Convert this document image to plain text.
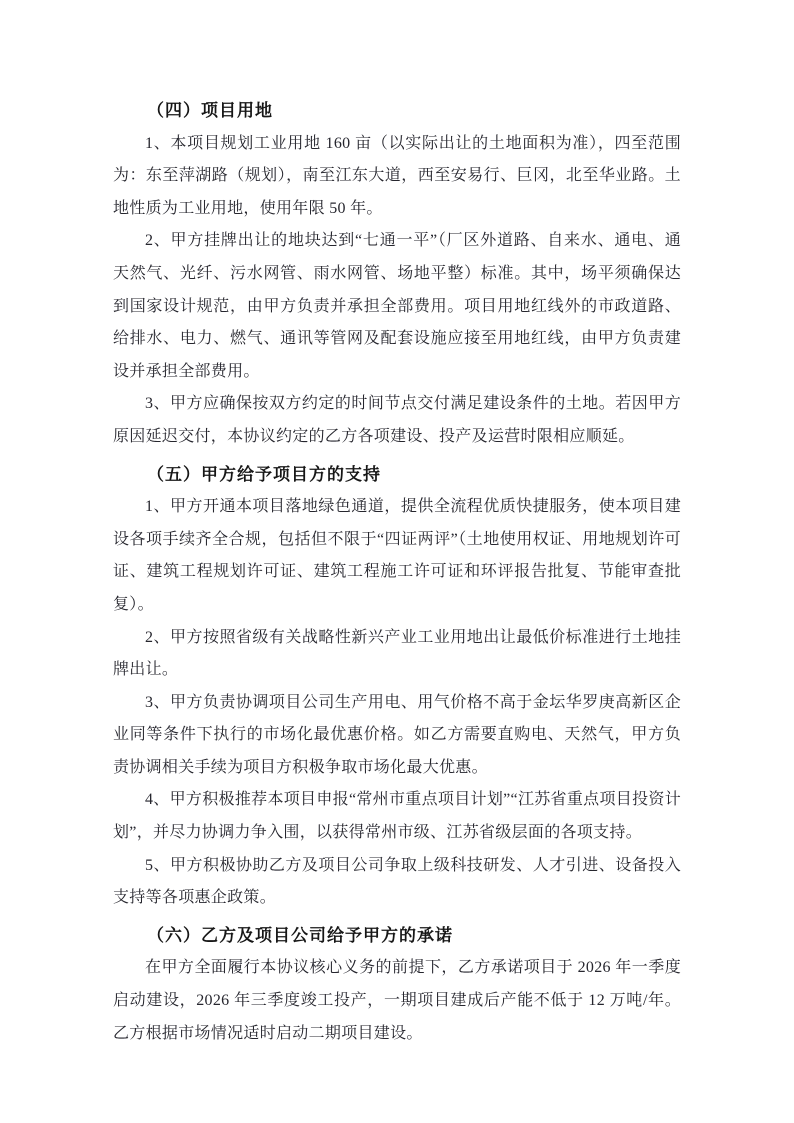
（四）项目用地

1、本项目规划工业用地 160 亩（以实际出让的土地面积为准），四至范围为：东至萍湖路（规划），南至江东大道，西至安易行、巨冈，北至华业路。土地性质为工业用地，使用年限 50 年。

2、甲方挂牌出让的地块达到“七通一平”（厂区外道路、自来水、通电、通天然气、光纤、污水网管、雨水网管、场地平整）标准。其中，场平须确保达到国家设计规范，由甲方负责并承担全部费用。项目用地红线外的市政道路、给排水、电力、燃气、通讯等管网及配套设施应接至用地红线，由甲方负责建设并承担全部费用。

3、甲方应确保按双方约定的时间节点交付满足建设条件的土地。若因甲方原因延迟交付，本协议约定的乙方各项建设、投产及运营时限相应顺延。

（五）甲方给予项目方的支持

1、甲方开通本项目落地绿色通道，提供全流程优质快捷服务，使本项目建设各项手续齐全合规，包括但不限于“四证两评”（土地使用权证、用地规划许可证、建筑工程规划许可证、建筑工程施工许可证和环评报告批复、节能审查批复）。

2、甲方按照省级有关战略性新兴产业工业用地出让最低价标准进行土地挂牌出让。

3、甲方负责协调项目公司生产用电、用气价格不高于金坛华罗庚高新区企业同等条件下执行的市场化最优惠价格。如乙方需要直购电、天然气，甲方负责协调相关手续为项目方积极争取市场化最大优惠。

4、甲方积极推荐本项目申报“常州市重点项目计划”“江苏省重点项目投资计划”，并尽力协调力争入围，以获得常州市级、江苏省级层面的各项支持。

5、甲方积极协助乙方及项目公司争取上级科技研发、人才引进、设备投入支持等各项惠企政策。

（六）乙方及项目公司给予甲方的承诺

在甲方全面履行本协议核心义务的前提下，乙方承诺项目于 2026 年一季度启动建设，2026 年三季度竣工投产，一期项目建成后产能不低于 12 万吨/年。乙方根据市场情况适时启动二期项目建设。
